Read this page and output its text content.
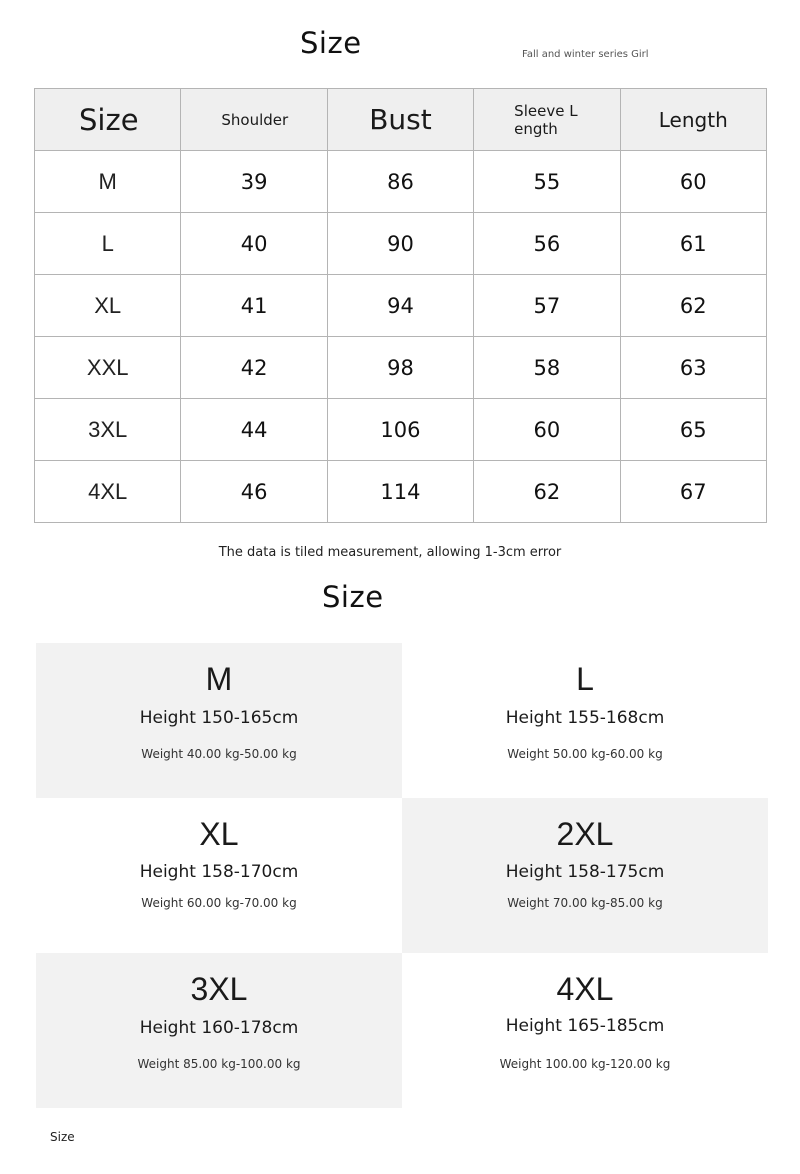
Size	Fall and winter series Girl
Size	Shoulder	Bust	Sleeve Length	Length
M	39	86	55	60
L	40	90	56	61
XL	41	94	57	62
XXL	42	98	58	63
3XL	44	106	60	65
4XL	46	114	62	67
The data is tiled measurement, allowing 1-3cm error
Size
M
Height 150-165cm
Weight 40.00 kg-50.00 kg
L
Height 155-168cm
Weight 50.00 kg-60.00 kg
XL
Height 158-170cm
Weight 60.00 kg-70.00 kg
2XL
Height 158-175cm
Weight 70.00 kg-85.00 kg
3XL
Height 160-178cm
Weight 85.00 kg-100.00 kg
4XL
Height 165-185cm
Weight 100.00 kg-120.00 kg
Size
